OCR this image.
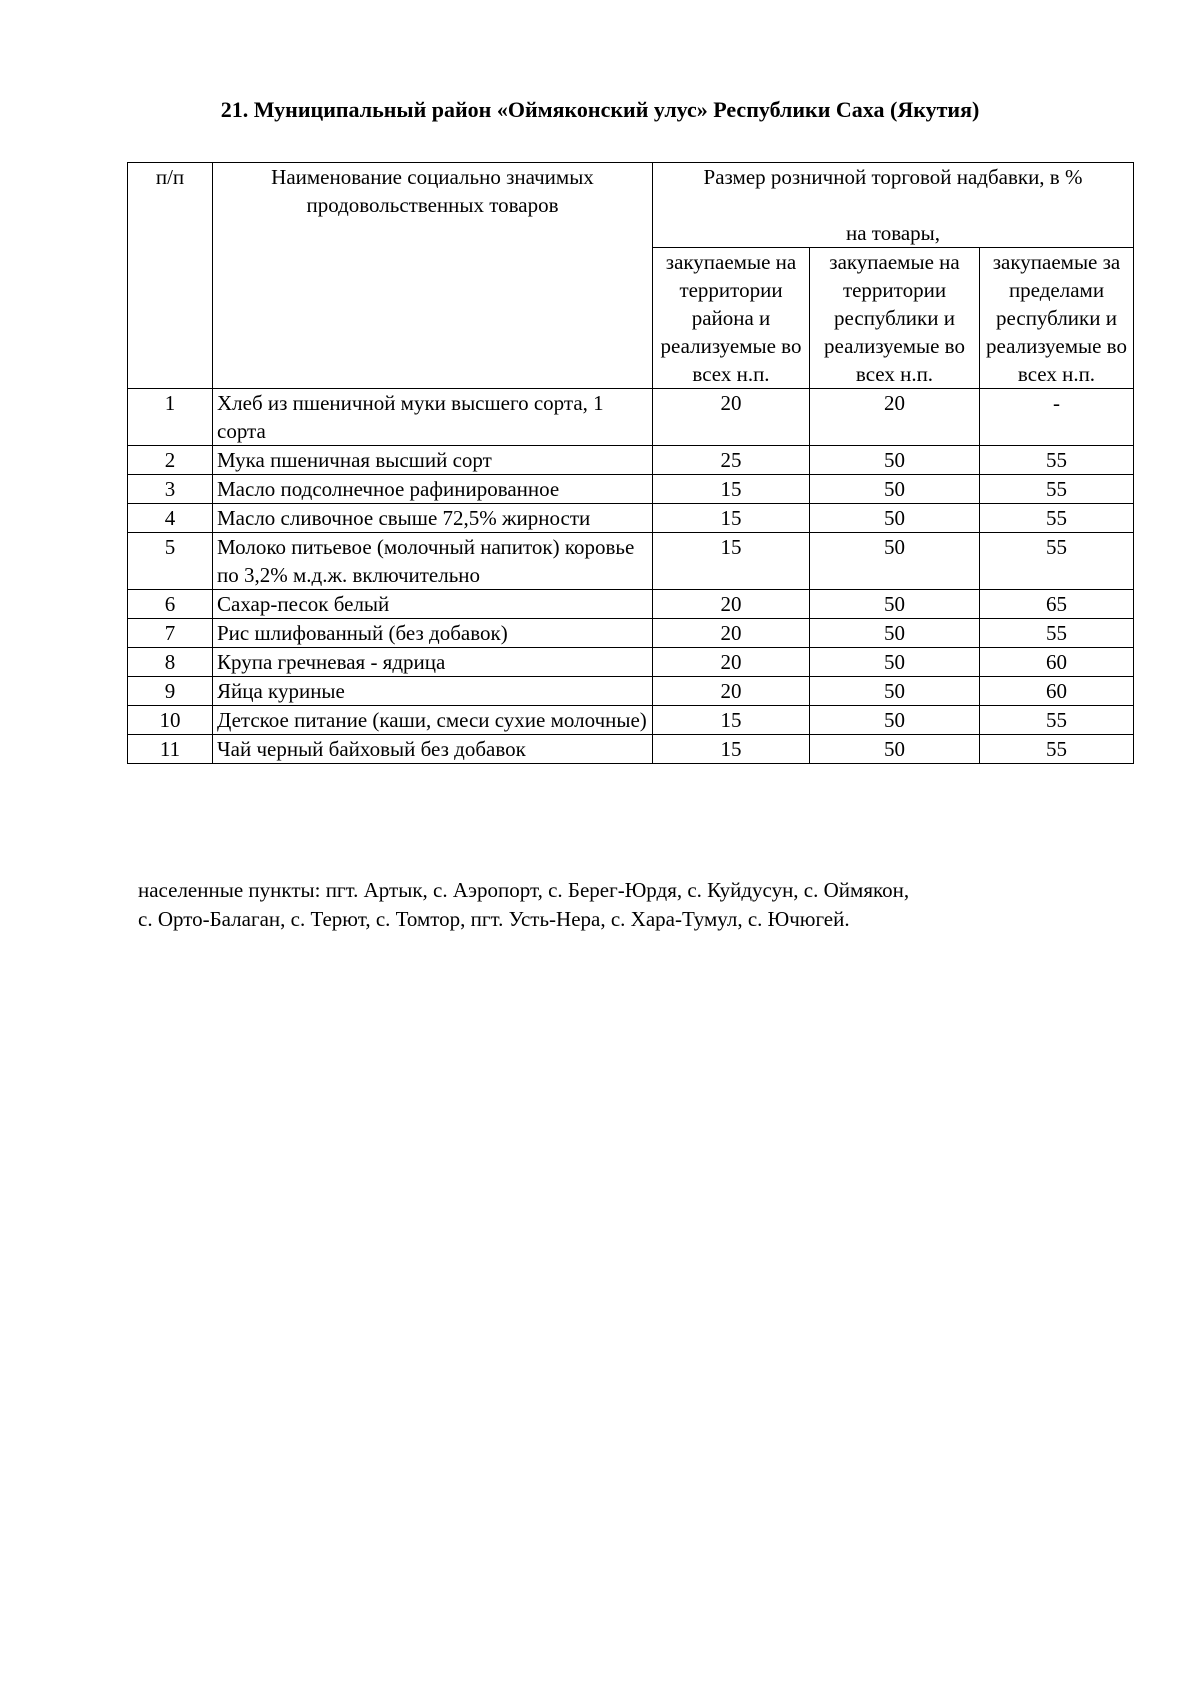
21. Муниципальный район «Оймяконский улус» Республики Саха (Якутия)
п/п	Наименование социально значимых продовольственных товаров	Размер розничной торговой надбавки, в %
на товары,		

		закупаемые на территории района и реализуемые во всех н.п.	закупаемые на территории республики и реализуемые во всех н.п.	закупаемые за пределами республики и реализуемые во всех н.п.
1	Хлеб из пшеничной муки высшего сорта, 1 сорта	20	20	-
2	Мука пшеничная высший сорт	25	50	55
3	Масло подсолнечное рафинированное	15	50	55
4	Масло сливочное свыше 72,5% жирности	15	50	55
5	Молоко питьевое (молочный напиток) коровье по 3,2% м.д.ж. включительно	15	50	55
6	Сахар-песок белый	20	50	65
7	Рис шлифованный (без добавок)	20	50	55
8	Крупа гречневая - ядрица	20	50	60
9	Яйца куриные	20	50	60
10	Детское питание (каши, смеси сухие молочные)	15	50	55
11	Чай черный байховый без добавок	15	50	55
населенные пункты: пгт. Артык, с. Аэропорт, с. Берег-Юрдя, с. Куйдусун, с. Оймякон,
с. Орто-Балаган, с. Терют, с. Томтор, пгт. Усть-Нера, с. Хара-Тумул, с. Ючюгей.
